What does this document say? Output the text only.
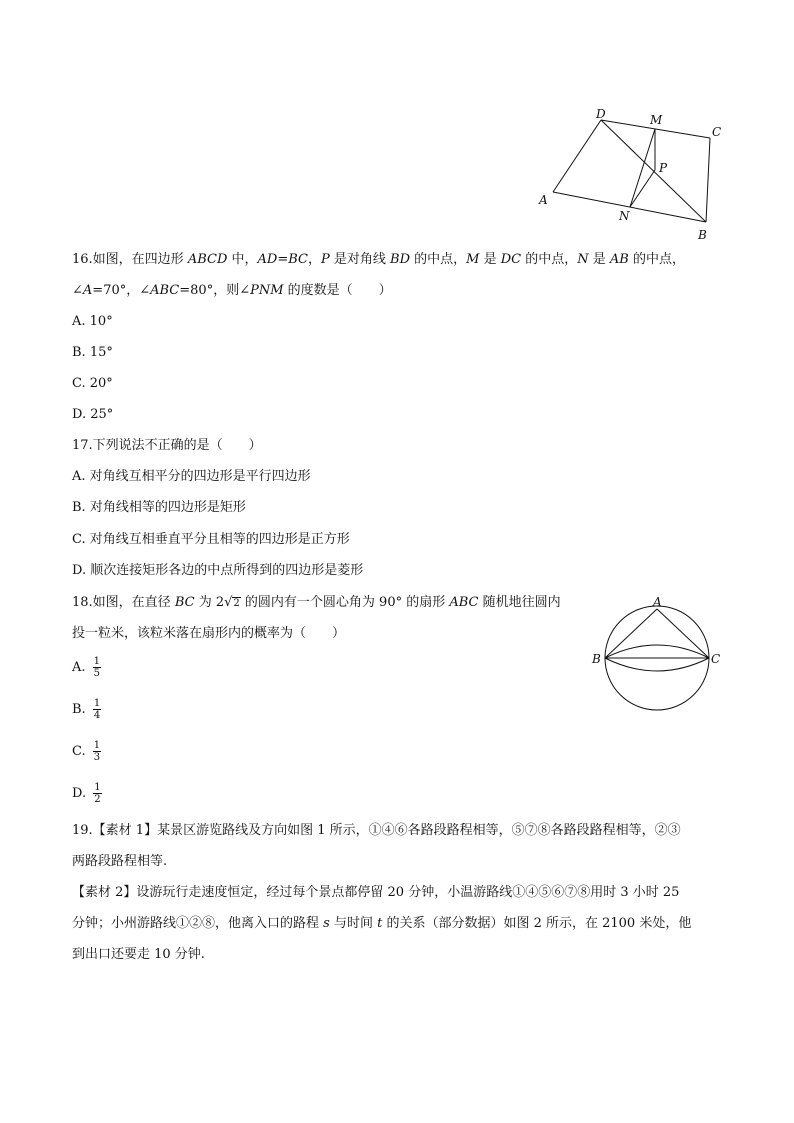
D	M
C
P
A
N
B
16.如图，在四边形 ABCD 中，AD=BC，P 是对角线 BD 的中点，M 是 DC 的中点，N 是 AB 的中点，
∠A=70°，∠ABC=80°，则∠PNM 的度数是（　　）
A. 10°
B. 15°
C. 20°
D. 25°
17.下列说法不正确的是（　　）
A. 对角线互相平分的四边形是平行四边形
B. 对角线相等的四边形是矩形
C. 对角线互相垂直平分且相等的四边形是正方形
D. 顺次连接矩形各边的中点所得到的四边形是菱形
18.如图，在直径 BC 为 2√2 的圆内有一个圆心角为 90° 的扇形 ABC 随机地往圆内
投一粒米，该粒米落在扇形内的概率为（　　）
A. $\frac{1}{5}$
B. $\frac{1}{4}$
C. $\frac{1}{3}$
D. $\frac{1}{2}$
A
B	C
19.【素材 1】某景区游览路线及方向如图 1 所示，①④⑥各路段路程相等，⑤⑦⑧各路段路程相等，②③
两路段路程相等.
【素材 2】设游玩行走速度恒定，经过每个景点都停留 20 分钟，小温游路线①④⑤⑥⑦⑧用时 3 小时 25
分钟；小州游路线①②⑧，他离入口的路程 s 与时间 t 的关系（部分数据）如图 2 所示，在 2100 米处，他
到出口还要走 10 分钟.
